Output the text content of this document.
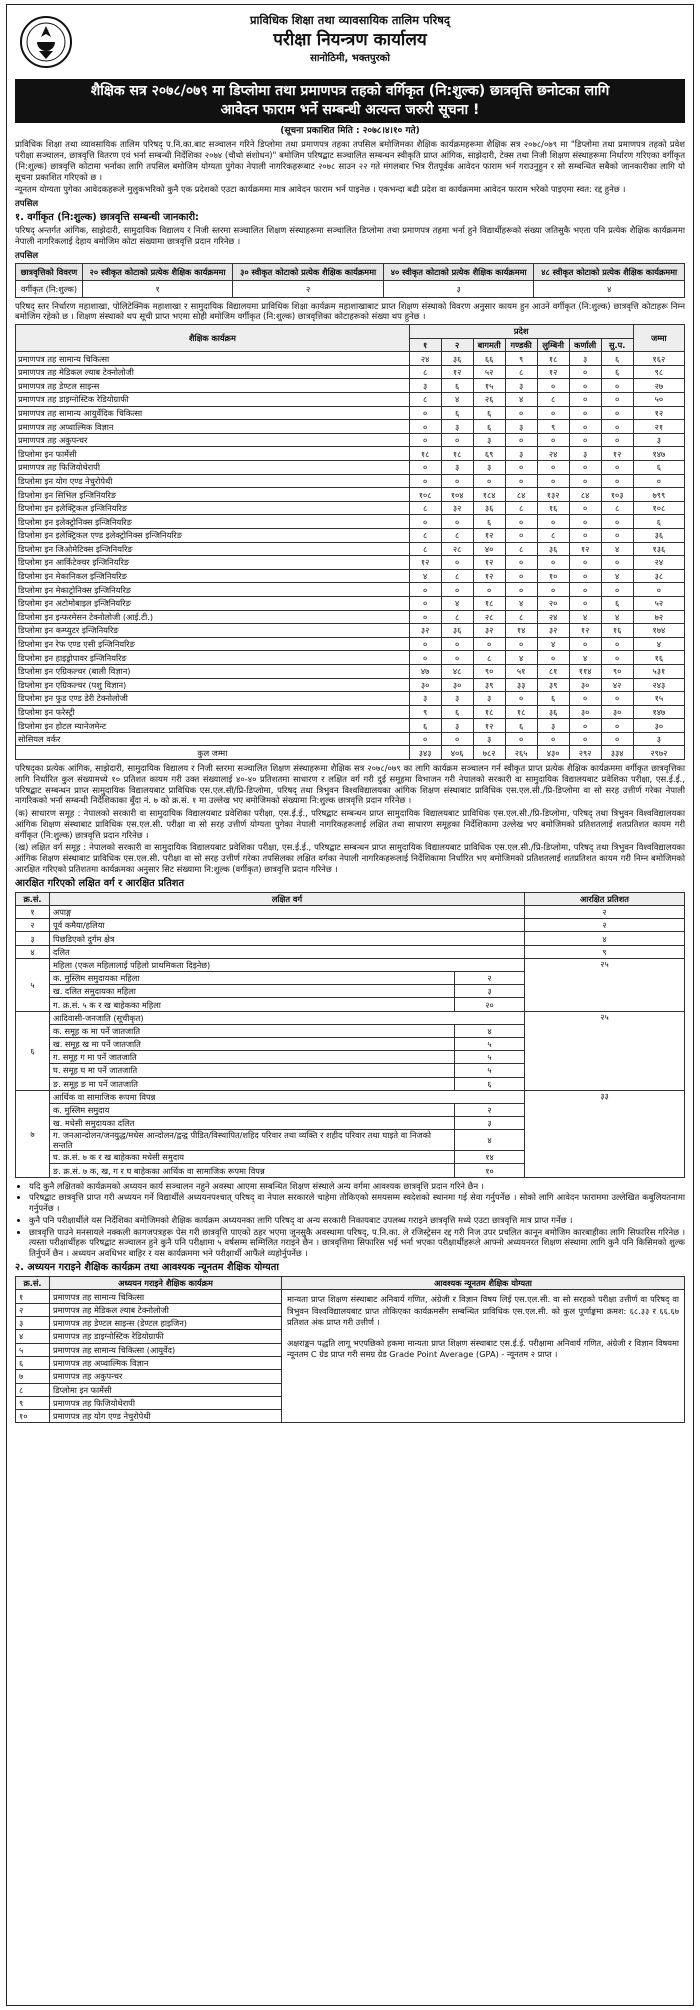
प्राविधिक शिक्षा तथा व्यावसायिक तालिम परिषद्
परीक्षा नियन्त्रण कार्यालय
सानोठिमी, भक्तपुरको
शैक्षिक सत्र २०७८/०७९ मा डिप्लोमा तथा प्रमाणपत्र तहको वर्गिकृत (नि:शुल्क) छात्रवृत्ति छनोटका लागि
आवेदन फाराम भर्ने सम्बन्धी अत्यन्त जरुरी सूचना !
(सूचना प्रकाशित मिति : २०७८।४।१० गते)

प्राविधिक शिक्षा तथा व्यावसायिक तालिम परिषद् प.नि.का.बाट सञ्चालन गरिने डिप्लोमा तथा प्रमाणपत्र तहका तपसिल बमोजिमका शैक्षिक कार्यक्रमहरूमा शैक्षिक सत्र २०७८/०७९ मा "डिप्लोमा तथा प्रमाणपत्र तहको प्रवेश परीक्षा सञ्चालन, छात्रवृत्ति वितरण एवं भर्ना सम्बन्धी निर्देशिका २०७४ (चौथो संशोधन)" बमोजिम परिषद्बाट सञ्चालित सम्बन्धन स्वीकृति प्राप्त आंगिक, साझेदारी, टेक्स तथा निजी शिक्षण संस्थाहरूमा निर्धारण गरिएका वर्गीकृत (नि:शुल्क) छात्रवृत्ति कोटामा भर्नाका लागि तपसिल बमोजिम योग्यता पुगेका नेपाली नागरिकहरूबाट २०७८ साउन २२ गते मंगलबार भित्र रीतपूर्वक आवेदन फाराम भर्न गराउनुहुन र सो सम्बन्धित सबैको जानकारीका लागि यो सूचना प्रकाशित गरिएको छ ।

न्यूनतम योग्यता पुगेका आवेदकहरूले मुलुकभरिको कुनै एक प्रदेशको एउटा कार्यक्रममा मात्र आवेदन फाराम भर्न पाइनेछ । एकभन्दा बढी प्रदेश वा कार्यक्रममा आवेदन फाराम भरेको पाइएमा स्वत: रद्द हुनेछ ।

तपसिल
१. वर्गीकृत (नि:शुल्क) छात्रवृत्ति सम्बन्धी जानकारी:

परिषद् अन्तर्गत आंगिक, साझेदारी, सामुदायिक विद्यालय र निजी स्तरमा सञ्चालित शिक्षण संस्थाहरूमा सञ्चालित डिप्लोमा तथा प्रमाणपत्र तहमा भर्ना हुने विद्यार्थीहरूको संख्या जतिसुकै भएता पनि प्रत्येक शैक्षिक कार्यक्रममा नेपाली नागरिकलाई देहाय बमोजिम कोटा संख्यामा छात्रवृत्ति प्रदान गरिनेछ ।

तपसिल
छात्रवृत्तिको विवरण	२० स्वीकृत कोटाको प्रत्येक शैक्षिक कार्यक्रममा	३० स्वीकृत कोटाको प्रत्येक शैक्षिक कार्यक्रममा	४० स्वीकृत कोटाको प्रत्येक शैक्षिक कार्यक्रममा	४८ स्वीकृत कोटाको प्रत्येक शैक्षिक कार्यक्रममा
वर्गीकृत (नि:शुल्क)	१	२	३	४

परिषद् स्तर निर्धारण महाशाखा, पोलिटेक्निक महाशाखा र सामुदायिक विद्यालयमा प्राविधिक शिक्षा कार्यक्रम महाशाखाबाट प्राप्त शिक्षण संस्थाको विवरण अनुसार कायम हुन आउने वर्गीकृत (नि:शुल्क) छात्रवृत्ति कोटाहरू निम्न बमोजिम रहेको छ । शिक्षण संस्थाको थप सूची प्राप्त भएमा सोही बमोजिम वर्गीकृत (नि:शुल्क) छात्रवृत्तिका कोटाहरूको संख्या थप हुनेछ ।

शैक्षिक कार्यक्रम	प्रदेश							जम्मा
	१	२	बागमती	गण्डकी	लुम्बिनी	कर्णाली	सु.प.	
प्रमाणपत्र तह सामान्य चिकित्सा	२४	३६	६६	९	१८	३	६	१६२
प्रमाणपत्र तह मेडिकल ल्याब टेक्नोलोजी	८	१२	५२	८	१२	०	६	९८
प्रमाणपत्र तह डेण्टल साइन्स	३	६	१५	३	०	०	०	२७
प्रमाणपत्र तह डाइग्नोस्टिक रेडियोग्राफी	८	४	२६	४	८	०	०	५०
प्रमाणपत्र तह सामान्य आयुर्वेदिक चिकित्सा	०	६	६	०	०	०	०	१२
प्रमाणपत्र तह अप्थाल्मिक विज्ञान	०	३	६	३	९	०	०	२१
प्रमाणपत्र तह अकुपन्चर	०	०	३	०	०	०	०	३
डिप्लोमा इन फार्मेसी	१८	१८	६९	३	२४	३	१२	१४७
प्रमाणपत्र तह फिजियोथेरापी	०	३	३	०	०	०	०	६
डिप्लोमा इन योग एण्ड नेचुरोपेथी	०	०	०	०	०	०	०	०
डिप्लोमा इन सिभिल इन्जिनियरिङ	१०८	१०४	१८४	८४	१३२	८४	१०३	७९९
डिप्लोमा इन इलेक्ट्रिकल इन्जिनियरिङ	८	३२	३६	८	१६	०	८	१०८
डिप्लोमा इन इलेक्ट्रोनिक्स इन्जिनियरिङ	०	०	६	०	०	०	०	६
डिप्लोमा इन इलेक्ट्रिकल एण्ड इलेक्ट्रोनिक्स इन्जिनियरिङ	८	८	१२	०	८	०	०	३६
डिप्लोमा इन जिओमेटिक्स इन्जिनियरिङ	८	२८	४०	८	३६	१२	४	१३६
डिप्लोमा इन आर्किटेक्चर इन्जिनियरिङ	१२	०	१२	०	०	०	०	२४
डिप्लोमा इन मेकानिकल इन्जिनियरिङ	४	८	१२	०	१०	०	४	३८
डिप्लोमा इन मेकाट्रोनिक्स इन्जिनियरिङ	०	०	०	०	०	०	०	०
डिप्लोमा इन अटोमोबाइल इन्जिनियरिङ	०	४	१८	४	२०	०	६	५२
डिप्लोमा इन इन्फरमेसन टेक्नोलोजी (आई.टी.)	०	८	२८	८	२४	४	४	७२
डिप्लोमा इन कम्प्युटर इन्जिनियरिङ	३२	३६	३२	१४	३२	१२	१६	१७४
डिप्लोमा इन रेफ एण्ड एसी इन्जिनियरिङ	०	०	०	०	४	०	०	४
डिप्लोमा इन हाइड्रोपावर इन्जिनियरिङ	०	०	८	४	०	४	०	१६
डिप्लोमा इन एग्रिकल्चर (बाली विज्ञान)	४७	४८	९०	५१	८१	११४	९०	५३१
डिप्लोमा इन एग्रिकल्चर (पशु विज्ञान)	३०	३०	३९	३३	३९	३०	४२	२४३
डिप्लोमा इन फुड एण्ड डेरी टेक्नोलोजी	३	३	३	०	६	०	०	१५
डिप्लोमा इन फरेस्ट्री	९	६	१८	१८	३६	३०	३०	१४७
डिप्लोमा इन होटल म्यानेजमेन्ट	६	३	१२	६	३	०	०	३०
सोसियल वर्कर	०	०	३	०	०	०	०	३
कुल जम्मा	३४३	४०६	७८२	२६५	४३०	२९२	३३४	२९७२

परिषद्का प्रत्येक आंगिक, साझेदारी, सामुदायिक विद्यालय र निजी स्तरमा सञ्चालित शिक्षण संस्थाहरूमा शैक्षिक सत्र २०७८/०७९ का लागि कार्यक्रम सञ्चालन गर्न स्वीकृत प्राप्त प्रत्येक शैक्षिक कार्यक्रममा वर्गीकृत छात्रवृत्तिका लागि निर्धारित कुल संख्यामध्ये १० प्रतिशत कायम गरी उक्त संख्यालाई ४०-४० प्रतिशतमा साधारण र लक्षित वर्ग गरी दुई समूहमा विभाजन गरी नेपालको सरकारी वा सामुदायिक विद्यालयबाट प्रवेशिका परीक्षा, एस.ई.ई., परिषद्बाट सम्बन्धन प्राप्त सामुदायिक विद्यालयबाट प्राविधिक एस.एल.सी/प्रि-डिप्लोमा, परिषद् तथा त्रिभुवन विश्वविद्यालयका आंगिक शिक्षण संस्थाबाट प्राविधिक एस.एल.सी./प्रि-डिप्लोमा वा सो सरह उत्तीर्ण गरेका नेपाली नागरिकको भर्ना सम्बन्धी निर्देशिकाका बुँदा नं. ७ को क्र.सं. १ मा उल्लेख भए बमोजिमको संख्यामा नि:शुल्क छात्रवृत्ति प्रदान गरिनेछ ।

(क) साधारण समूह : नेपालको सरकारी वा सामुदायिक विद्यालयबाट प्रवेशिका परीक्षा, एस.ई.ई., परिषद्बाट सम्बन्धन प्राप्त सामुदायिक विद्यालयबाट प्राविधिक एस.एल.सी./प्रि-डिप्लोमा, परिषद् तथा त्रिभुवन विश्वविद्यालयका आंगिक शिक्षण संस्थाबाट प्राविधिक एस.एल.सी. परीक्षा वा सो सरह उत्तीर्ण योग्यता पुगेका नेपाली नागरिकहरूलाई लक्षित तथा साधारण समूहका निर्देशिकामा उल्लेख भए बमोजिमको प्रतिशतलाई शतप्रतिशत कायम गरी वर्गीकृत (नि:शुल्क) छात्रवृत्ति प्रदान गरिनेछ ।

(ख) लक्षित वर्ग समूह : नेपालको सरकारी वा सामुदायिक विद्यालयबाट प्रवेशिका परीक्षा, एस.ई.ई., परिषद्बाट सम्बन्धन प्राप्त सामुदायिक विद्यालयबाट प्राविधिक एस.एल.सी./प्रि-डिप्लोमा, परिषद् तथा त्रिभुवन विश्वविद्यालयका आंगिक शिक्षण संस्थाबाट प्राविधिक एस.एल.सी. परीक्षा वा सो सरह उत्तीर्ण गरेका तपसिलका लक्षित वर्गका नेपाली नागरिकहरूलाई निर्देशिकामा निर्धारित भए बमोजिमको प्रतिशतलाई शतप्रतिशत कायम गरी निम्न बमोजिमको आरक्षित गरिएको प्रतिशतमा कार्यक्रमका अनुसार सिट संख्यामा नि:शुल्क (वर्गीकृत) छात्रवृत्ति प्रदान गरिनेछ ।

आरक्षित गरिएको लक्षित वर्ग र आरक्षित प्रतिशत
क्र.सं.	लक्षित वर्ग		आरक्षित प्रतिशत
१	अपाङ्ग		२
२	पूर्व कमैया/हलिया		२
३	पिछडिएको दुर्गम क्षेत्र		४
४	दलित		९
५	महिला (एकल महिलालाई पहिलो प्राथमिकता दिइनेछ)		२५
	क. मुस्लिम समुदायका महिला	२	
	ख. दलित समुदायका महिला	३	
	ग. क्र.सं. ५ क र ख बाहेकका महिला	२०	
६	आदिवासी-जनजाति (सूचीकृत)		२५
	क. समूह क मा पर्ने जातजाति	४	
	ख. समूह ख मा पर्ने जातजाति	५	
	ग. समूह ग मा पर्ने जातजाति	५	
	घ. समूह घ मा पर्ने जातजाति	५	
	ङ. समूह ङ मा पर्ने जातजाति	६	
७	आर्थिक वा सामाजिक रूपमा विपन्न		३३
	क. मुस्लिम समुदाय	२	
	ख. मधेसी समुदायका दलित	३	
	ग. जनआन्दोलन/जनयुद्ध/मधेस आन्दोलन/द्वन्द्व पीडित/विस्थापित/शहिद परिवार तथा व्यक्ति र शहीद परिवार तथा घाइते वा निजको सन्तति	४	
	घ. क्र.सं. ७ क र ख बाहेकका मधेसी समुदाय	१४	
	ङ. क्र.सं. ७ क, ख, ग र घ बाहेकका आर्थिक वा सामाजिक रूपमा विपन्न	१०	
• यदि कुनै लक्षितको कार्यक्रमको अध्ययन कार्य सञ्चालन नहुने अवस्था आएमा सम्बन्धित शिक्षण संस्थाले अन्य वर्गमा आवश्यक छात्रवृत्ति प्रदान गरिने छैन ।
• परिषद्बाट छात्रवृत्ति प्राप्त गरी अध्ययन गर्ने विद्यार्थीले अध्ययनपश्चात् परिषद् वा नेपाल सरकारले चाहेमा तोकिएको समयसम्म स्वदेशको स्थानमा गई सेवा गर्नुपर्नेछ । सोको लागि आवेदन फाराममा उल्लेखित कबुलियतनामा गर्नुपर्नेछ ।
• कुनै पनि परीक्षार्थीले यस निर्देशिका बमोजिमको शैक्षिक कार्यक्रम अध्ययनका लागि परिषद् वा अन्य सरकारी निकायबाट उपलब्ध गराइने छात्रवृत्ति मध्ये एउटा छात्रवृत्ति मात्र प्राप्त गर्नेछ ।
• छात्रवृत्ति पाउने मनसायले नक्कली कागजपत्रहरू पेस गरी छात्रवृत्ति पाएको ठहर भएमा जुनसुकै अवस्थामा परिषद्, प.नि.का. ले रजिस्ट्रेसन रद्द गरी निज उपर प्रचलित कानून बमोजिम कारबाहीका लागि सिफारिस गरिनेछ । त्यस्ता परीक्षार्थीहरू परिषद्बाट सञ्चालन हुने कुनै पनि परीक्षामा ५ वर्षसम्म सम्मिलित गराइने छैन । छात्रवृत्तिमा सिफारिस भई भर्ना भएका परीक्षार्थीहरूले आफ्नो अध्ययनरत शिक्षण संस्थामा लागि कुनै पनि किसिमको शुल्क तिर्नुपर्ने छैन । अध्ययन अवधिभर बाहिर र यस कार्यक्रममा भने परीक्षार्थी आफैंले व्यहोर्नुपर्नेछ ।
२. अध्ययन गराइने शैक्षिक कार्यक्रम तथा आवश्यक न्यूनतम शैक्षिक योग्यता
क्र.सं.	अध्ययन गराइने शैक्षिक कार्यक्रम	आवश्यक न्यूनतम शैक्षिक योग्यता
१	प्रमाणपत्र तह सामान्य चिकित्सा	मान्यता प्राप्त शिक्षण संस्थाबाट अनिवार्य गणित, अंग्रेजी र विज्ञान विषय लिई एस.एल.सी. वा सो सरहको परीक्षा उत्तीर्ण वा परिषद् वा त्रिभुवन विश्वविद्यालयबाट प्राप्त तोकिएका कार्यक्रमसँग सम्बन्धित प्राविधिक एस.एल.सी. को कुल पूर्णाङ्कमा क्रमश: ६८.३३ र ६६.६७ प्रतिशत अंक प्राप्त गरी उत्तीर्ण ।
अक्षराङ्कन पद्धति लागू भएपछिको हकमा मान्यता प्राप्त शिक्षण संस्थाबाट एस.ई.ई. परीक्षामा अनिवार्य गणित, अंग्रेजी र विज्ञान विषयमा न्यूनतम C ग्रेड प्राप्त गरी समग्र ग्रेड Grade Point Average (GPA) - न्यूनतम २ प्राप्त ।

२	प्रमाणपत्र तह मेडिकल ल्याब टेक्नोलोजी	
३	प्रमाणपत्र तह डेण्टल साइन्स (डेण्टल हाइजिन)	
४	प्रमाणपत्र तह डाइग्नोस्टिक रेडियोग्राफी	
५	प्रमाणपत्र तह सामान्य चिकित्सा (आयुर्वेद)	
६	प्रमाणपत्र तह अप्थाल्मिक विज्ञान	
७	प्रमाणपत्र तह अकुपन्चर	
८	डिप्लोमा इन फार्मेसी	
९	प्रमाणपत्र तह फिजियोथेरापी	
१०	प्रमाणपत्र तह योग एण्ड नेचुरोपेथी	
